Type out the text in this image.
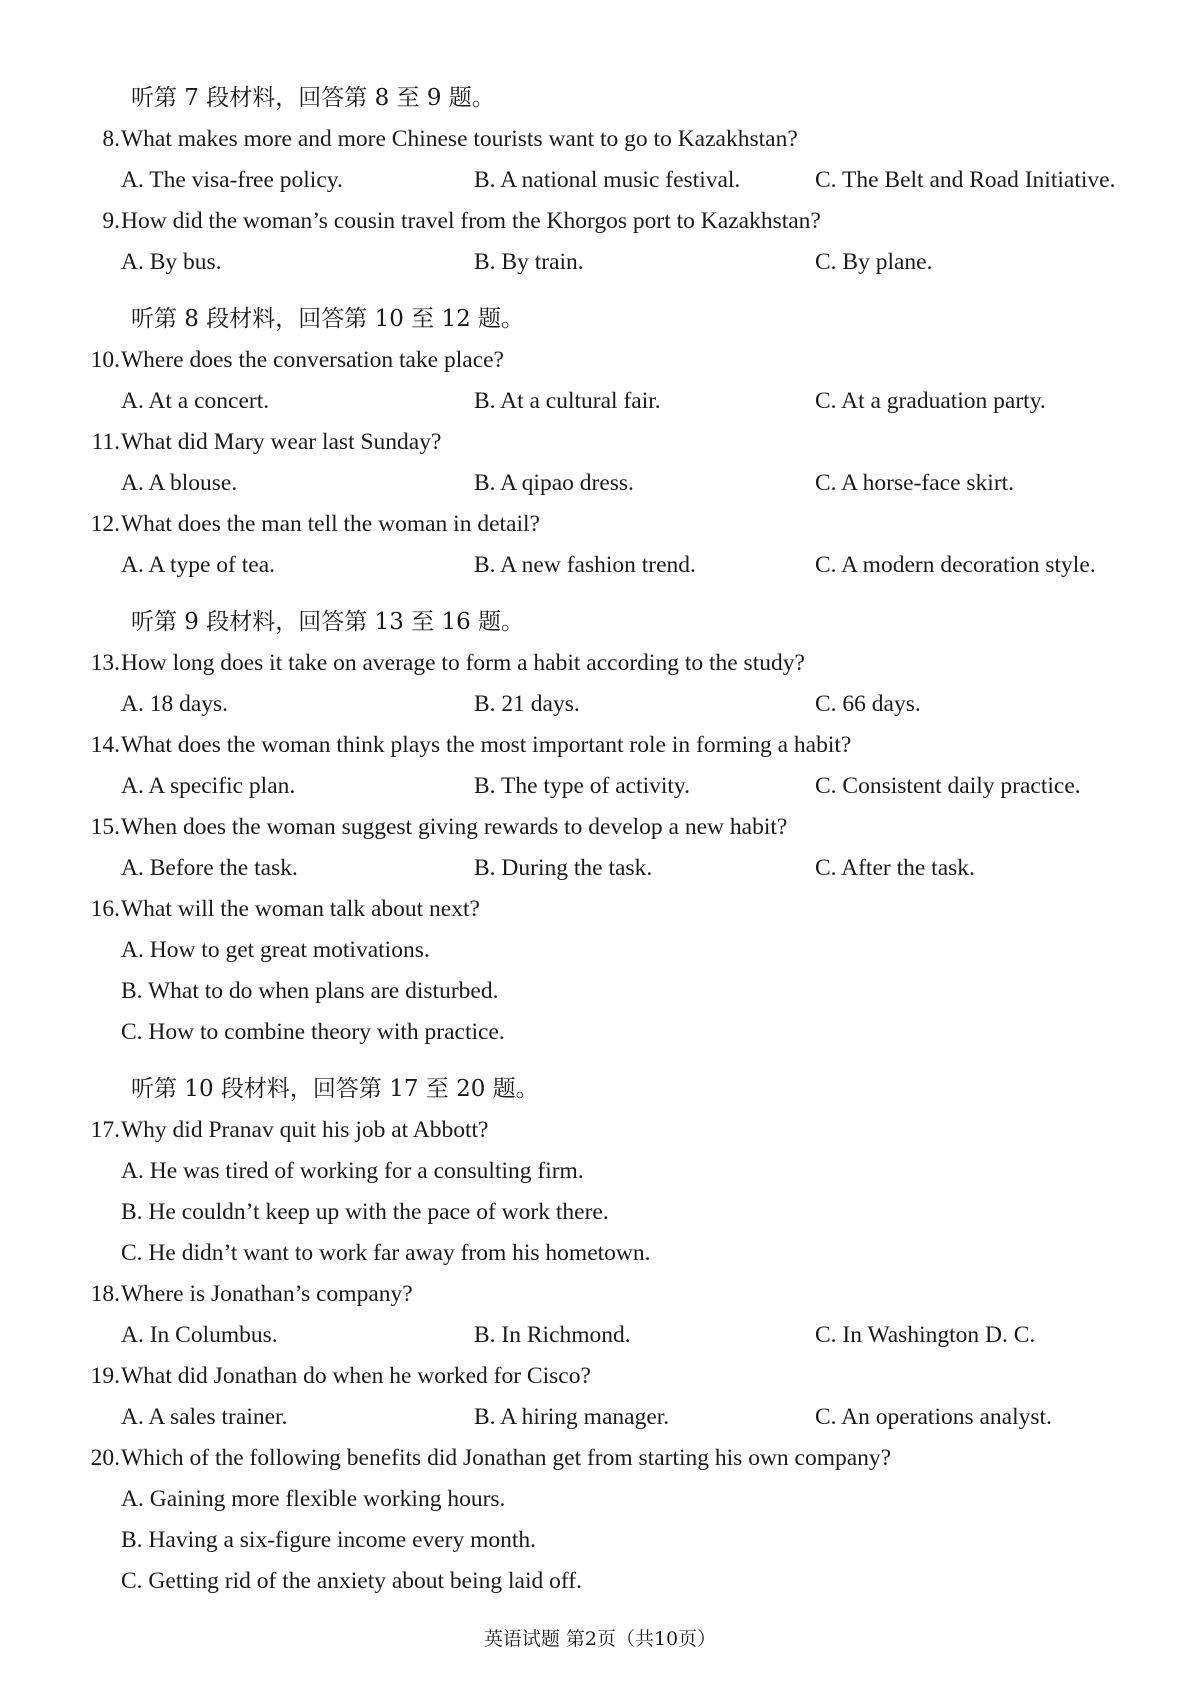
听第 7 段材料，回答第 8 至 9 题。
8. What makes more and more Chinese tourists want to go to Kazakhstan?
A. The visa-free policy.	B. A national music festival.	C. The Belt and Road Initiative.
9. How did the woman’s cousin travel from the Khorgos port to Kazakhstan?
A. By bus.	B. By train.	C. By plane.
听第 8 段材料，回答第 10 至 12 题。
10. Where does the conversation take place?
A. At a concert.	B. At a cultural fair.	C. At a graduation party.
11. What did Mary wear last Sunday?
A. A blouse.	B. A qipao dress.	C. A horse-face skirt.
12. What does the man tell the woman in detail?
A. A type of tea.	B. A new fashion trend.	C. A modern decoration style.
听第 9 段材料，回答第 13 至 16 题。
13. How long does it take on average to form a habit according to the study?
A. 18 days.	B. 21 days.	C. 66 days.
14. What does the woman think plays the most important role in forming a habit?
A. A specific plan.	B. The type of activity.	C. Consistent daily practice.
15. When does the woman suggest giving rewards to develop a new habit?
A. Before the task.	B. During the task.	C. After the task.
16. What will the woman talk about next?
A. How to get great motivations.
B. What to do when plans are disturbed.
C. How to combine theory with practice.
听第 10 段材料，回答第 17 至 20 题。
17. Why did Pranav quit his job at Abbott?
A. He was tired of working for a consulting firm.
B. He couldn’t keep up with the pace of work there.
C. He didn’t want to work far away from his hometown.
18. Where is Jonathan’s company?
A. In Columbus.	B. In Richmond.	C. In Washington D. C.
19. What did Jonathan do when he worked for Cisco?
A. A sales trainer.	B. A hiring manager.	C. An operations analyst.
20. Which of the following benefits did Jonathan get from starting his own company?
A. Gaining more flexible working hours.
B. Having a six-figure income every month.
C. Getting rid of the anxiety about being laid off.
英语试题 第2页（共10页）
